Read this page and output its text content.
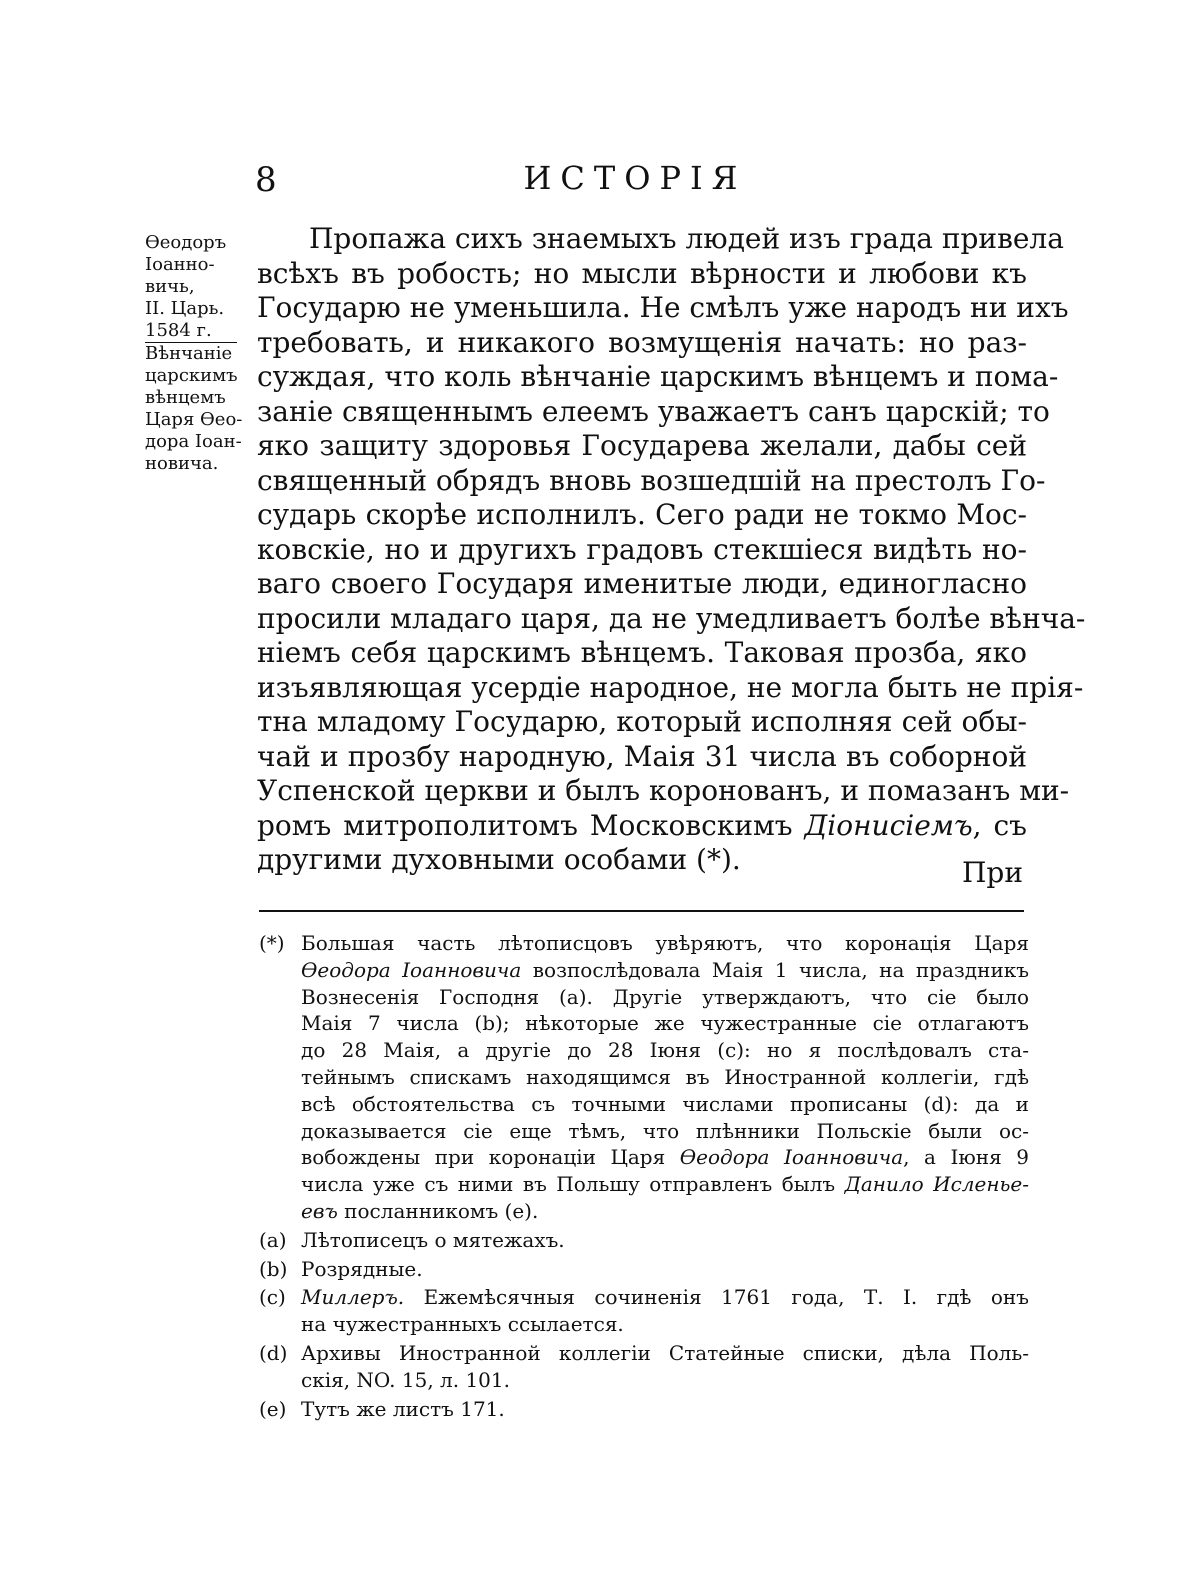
8	ИСТОРІЯ
Ѳеодоръ
Іоанно-
вичь,
II. Царь.
1584 г.
Вѣнчаніе
царскимъ
вѣнцемъ
Царя Ѳео-
дора Іоан-
новича.
Пропажа сихъ знаемыхъ людей изъ града привела
всѣхъ въ робость; но мысли вѣрности и любови къ
Государю не уменьшила. Не смѣлъ уже народъ ни ихъ
требовать, и никакого возмущенія начать: но раз-
суждая, что коль вѣнчаніе царскимъ вѣнцемъ и помa-
заніе священнымъ елеемъ уважаетъ санъ царскій; то
яко защиту здоровья Государева желали, дабы сей
священный обрядъ вновь возшедшій на престолъ Го-
сударь скорѣе исполнилъ. Сего ради не токмо Мос-
ковскіе, но и другихъ градовъ стекшіеся видѣть но-
ваго своего Государя именитые люди, единогласно
просили младаго царя, да не умедливаетъ болѣе вѣнча-
ніемъ себя царскимъ вѣнцемъ. Таковая прозба, яко
изъявляющая усердіе народное, не могла быть не прія-
тна младому Государю, который исполняя сей обы-
чай и прозбу народную, Маія 31 числа въ соборной
Успенской церкви и былъ коронованъ, и помазанъ ми-
ромъ митрополитомъ Московскимъ Діонисіемъ, съ
другими духовными особами (*).	При
(*) Большая часть лѣтописцовъ увѣряютъ, что коронація Царя
Ѳеодора Іоанновича возпослѣдовала Маія 1 числа, на праздникъ
Вознесенія Господня (a). Другіе утверждаютъ, что сіе было
Маія 7 числа (b); нѣкоторые же чужестранные сіе отлагаютъ
до 28 Маія, а другіе до 28 Іюня (c): но я послѣдовалъ ста-
тейнымъ спискамъ находящимся въ Иностранной коллегіи, гдѣ
всѣ обстоятельства съ точными числами прописаны (d): да и
доказывается сіе еще тѣмъ, что плѣнники Польскіе были ос-
вобождены при коронаціи Царя Ѳеодора Іоанновича, а Іюня 9
числа уже съ ними въ Польшу отправленъ былъ Данило Исленье-
евъ посланникомъ (e).
(a) Лѣтописецъ о мятежахъ.
(b) Розрядные.
(c) Миллеръ. Ежемѣсячныя сочиненія 1761 года, Т. I. гдѣ онъ
на чужестранныхъ ссылается.
(d) Архивы Иностранной коллегіи Статейные списки, дѣла Поль-
скія, NO. 15, л. 101.
(e) Тутъ же листъ 171.
